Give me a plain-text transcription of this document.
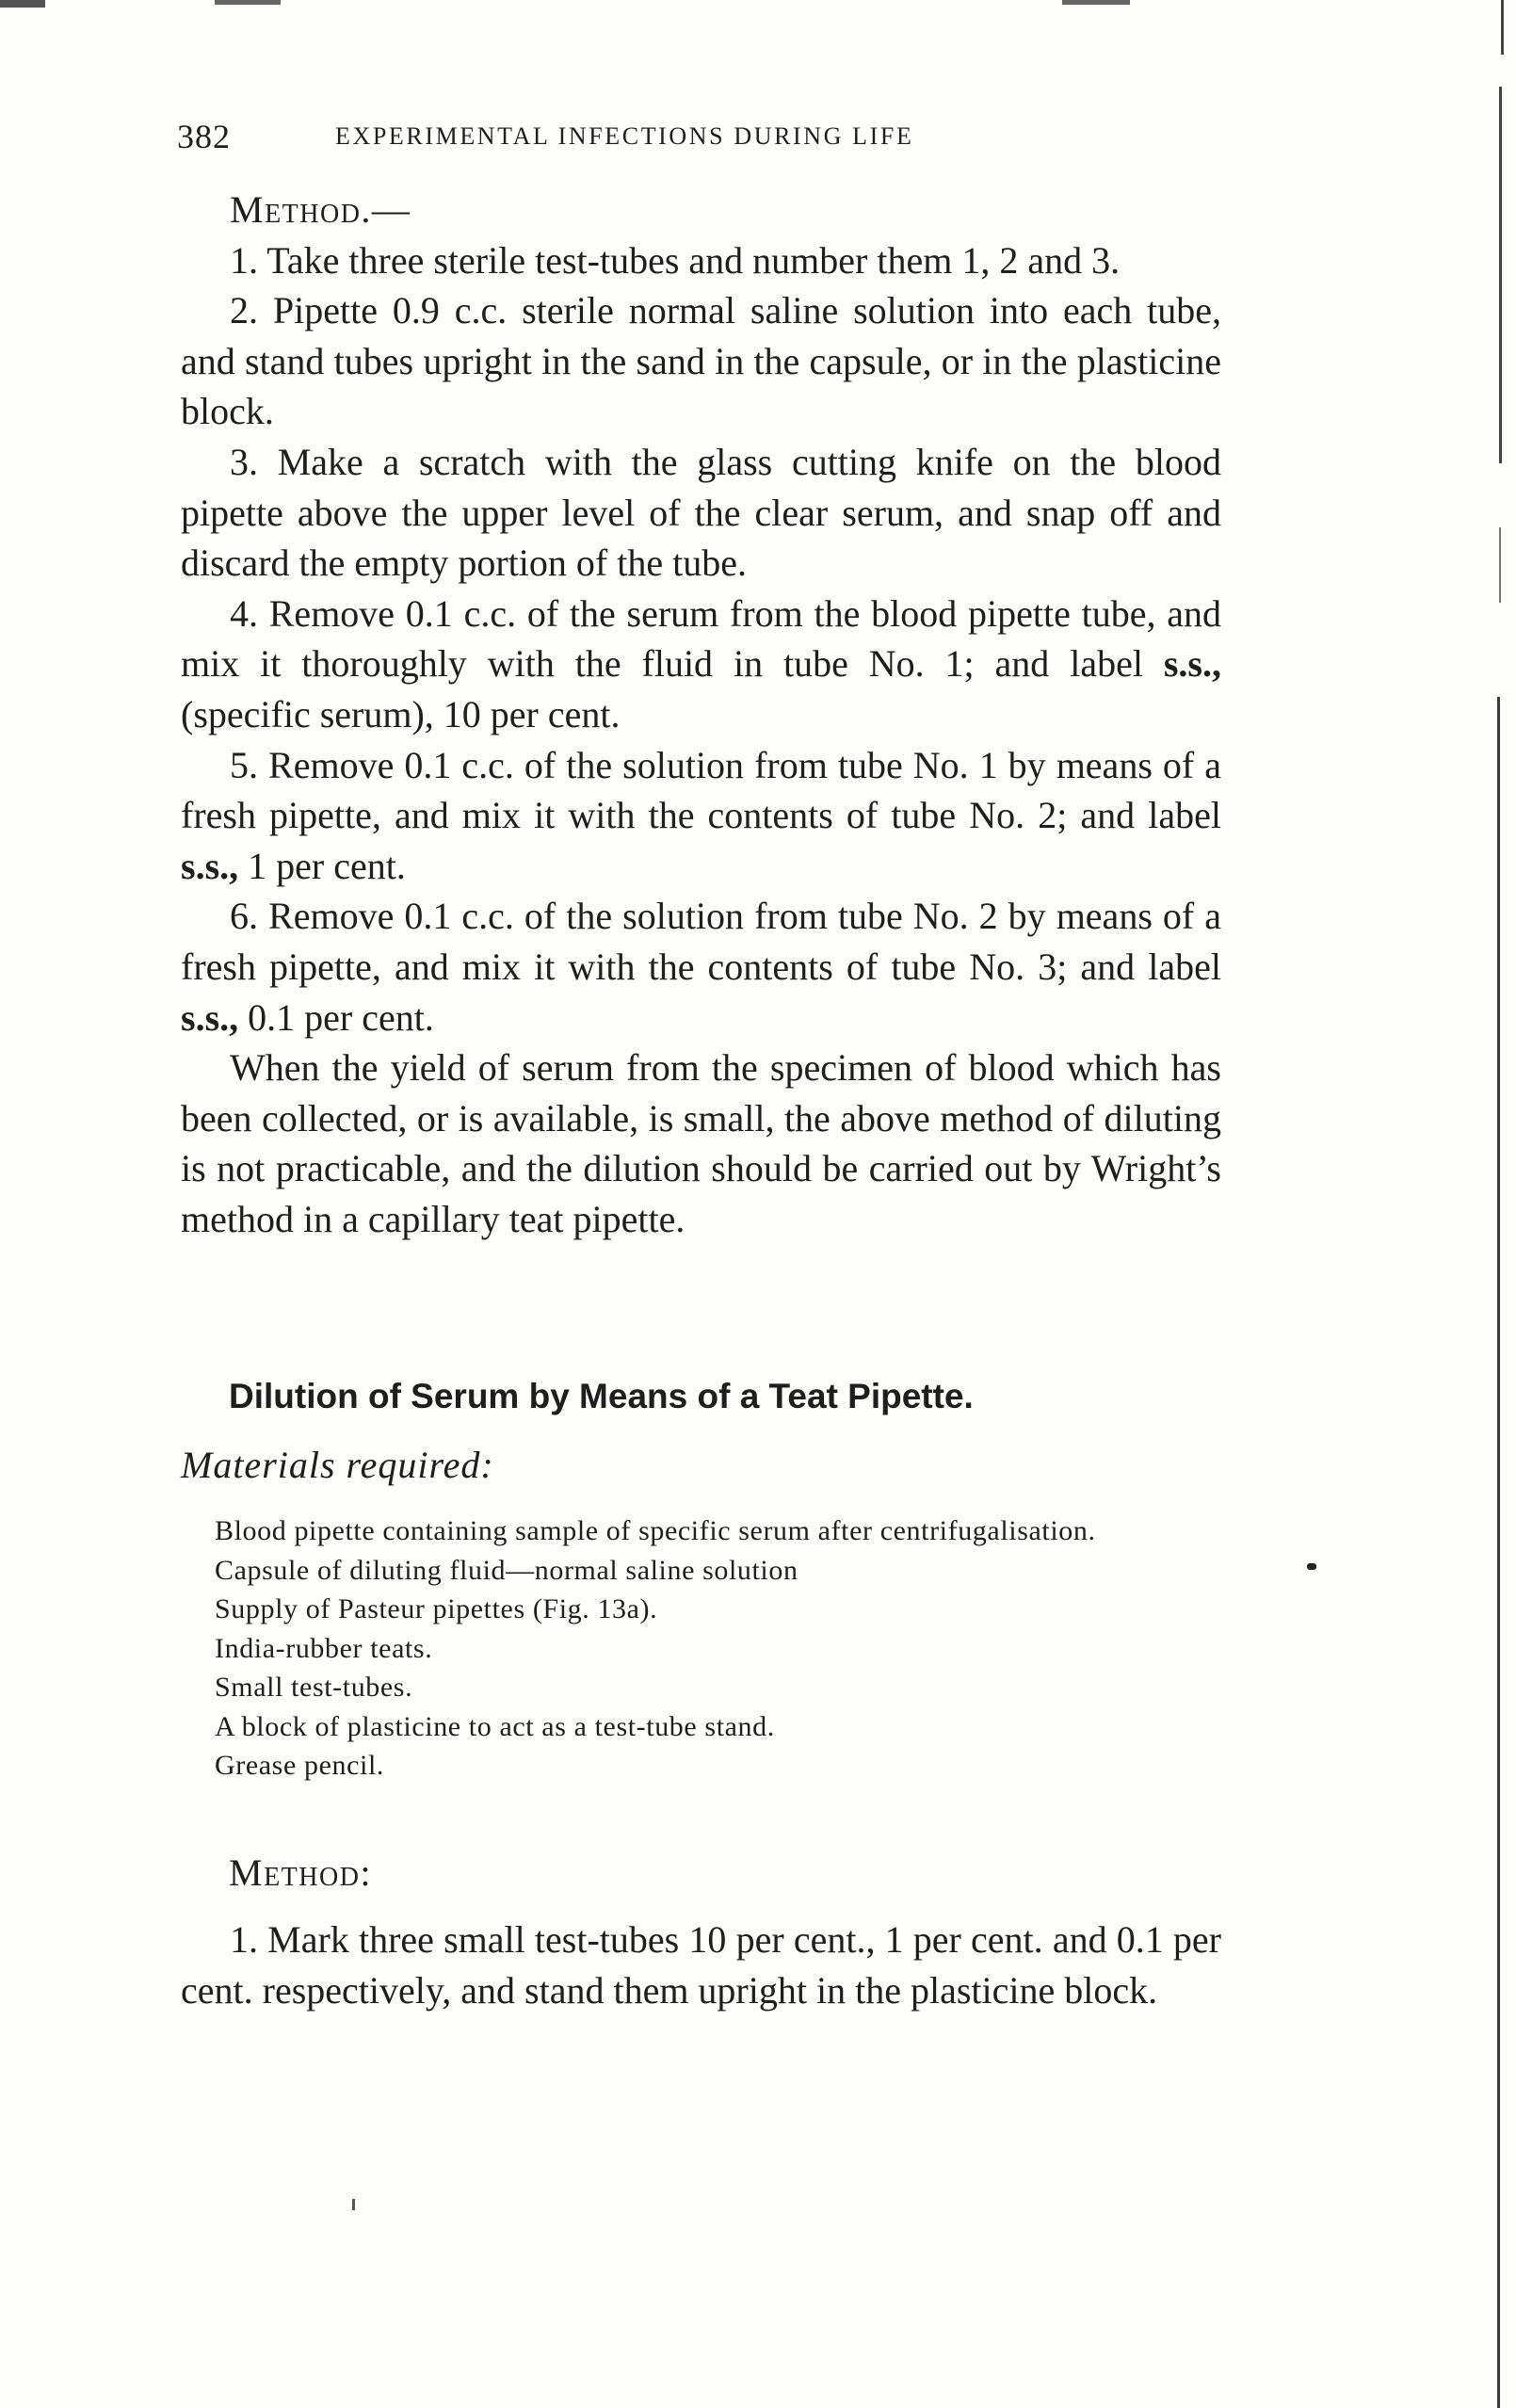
382	EXPERIMENTAL INFECTIONS DURING LIFE

Method.—

1. Take three sterile test-tubes and number them 1, 2 and 3.

2. Pipette 0.9 c.c. sterile normal saline solution into each tube, and stand tubes upright in the sand in the capsule, or in the plasticine block.

3. Make a scratch with the glass cutting knife on the blood pipette above the upper level of the clear serum, and snap off and discard the empty portion of the tube.

4. Remove 0.1 c.c. of the serum from the blood pipette tube, and mix it thoroughly with the fluid in tube No. 1; and label s.s., (specific serum), 10 per cent.

5. Remove 0.1 c.c. of the solution from tube No. 1 by means of a fresh pipette, and mix it with the contents of tube No. 2; and label s.s., 1 per cent.

6. Remove 0.1 c.c. of the solution from tube No. 2 by means of a fresh pipette, and mix it with the contents of tube No. 3; and label s.s., 0.1 per cent.

When the yield of serum from the specimen of blood which has been collected, or is available, is small, the above method of diluting is not practicable, and the dilution should be carried out by Wright’s method in a capillary teat pipette.

Dilution of Serum by Means of a Teat Pipette.
Materials required:
Blood pipette containing sample of specific serum after centrifugalisation.
Capsule of diluting fluid—normal saline solution
Supply of Pasteur pipettes (Fig. 13a).
India-rubber teats.
Small test-tubes.
A block of plasticine to act as a test-tube stand.
Grease pencil.
Method:

1. Mark three small test-tubes 10 per cent., 1 per cent. and 0.1 per cent. respectively, and stand them upright in the plasticine block.
